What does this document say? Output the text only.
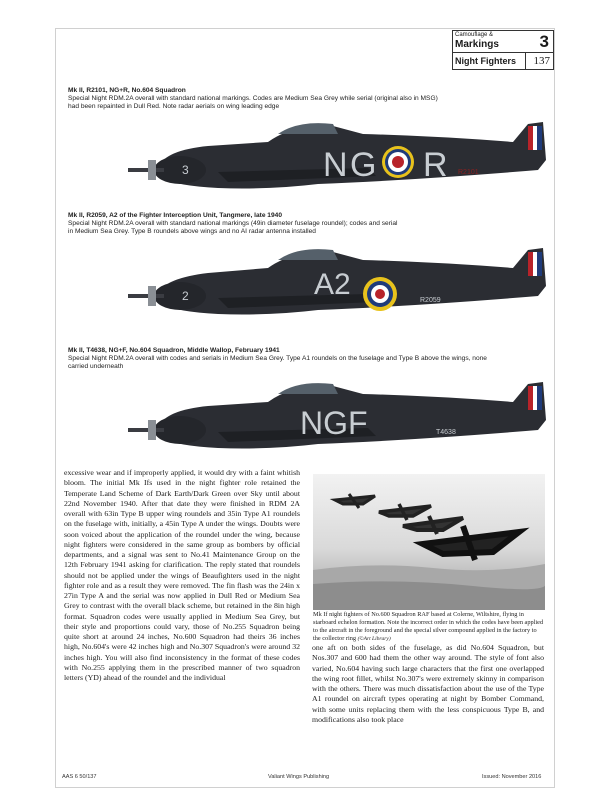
Camouflage &
Markings 3
Night Fighters 137
Mk II, R2101, NG+R, No.604 Squadron
Special Night RDM.2A overall with standard national markings. Codes are Medium Sea Grey while serial (original also in MSG) had been repainted in Dull Red. Note radar aerials on wing leading edge
3	N G R R2101
Mk II, R2059, A2 of the Fighter Interception Unit, Tangmere, late 1940
Special Night RDM.2A overall with standard national markings (49in diameter fuselage roundel); codes and serial in Medium Sea Grey. Type B roundels above wings and no AI radar antenna installed
2	A2	R2059
Mk II, T4638, NG+F, No.604 Squadron, Middle Wallop, February 1941
Special Night RDM.2A overall with codes and serials in Medium Sea Grey. Type A1 roundels on the fuselage and Type B above the wings, none carried underneath
NGF	T4638

excessive wear and if improperly applied, it would dry with a faint whitish bloom. The initial Mk Ifs used in the night fighter role retained the Temperate Land Scheme of Dark Earth/Dark Green over Sky until about 22nd November 1940. After that date they were finished in RDM 2A overall with 63in Type B upper wing roundels and 35in Type A1 roundels on the fuselage with, initially, a 45in Type A under the wings. Doubts were soon voiced about the application of the roundel under the wing, because night fighters were considered in the same group as bombers by official departments, and a signal was sent to No.41 Maintenance Group on the 12th February 1941 asking for clarification. The reply stated that roundels should not be applied under the wings of Beaufighters used in the night fighter role and as a result they were removed. The fin flash was the 24in x 27in Type A and the serial was now applied in Dull Red or Medium Sea Grey to contrast with the overall black scheme, but retained in the 8in high format. Squadron codes were usually applied in Medium Sea Grey, but their style and proportions could vary, those of No.255 Squadron being quite short at around 24 inches, No.600 Squadron had theirs 36 inches high, No.604's were 42 inches high and No.307 Squadron's were around 32 inches high. You will also find inconsistency in the format of these codes with No.255 applying them in the prescribed manner of two squadron letters (YD) ahead of the roundel and the individual

Mk If night fighters of No.600 Squadron RAF based at Colerne, Wiltshire, flying in starboard echelon formation. Note the incorrect order in which the codes have been applied to the aircraft in the foreground and the special silver compound applied in the factory to the collector ring (©Art Library)

one aft on both sides of the fuselage, as did No.604 Squadron, but Nos.307 and 600 had them the other way around. The style of font also varied, No.604 having such large characters that the first one overlapped the wing root fillet, whilst No.307's were extremely skinny in comparison with the others. There was much dissatisfaction about the use of the Type A1 roundel on aircraft types operating at night by Bomber Command, with some units replacing them with the less conspicuous Type B, and modifications also took place

AAS 6 50/137	Valiant Wings Publishing	Issued: November 2016
